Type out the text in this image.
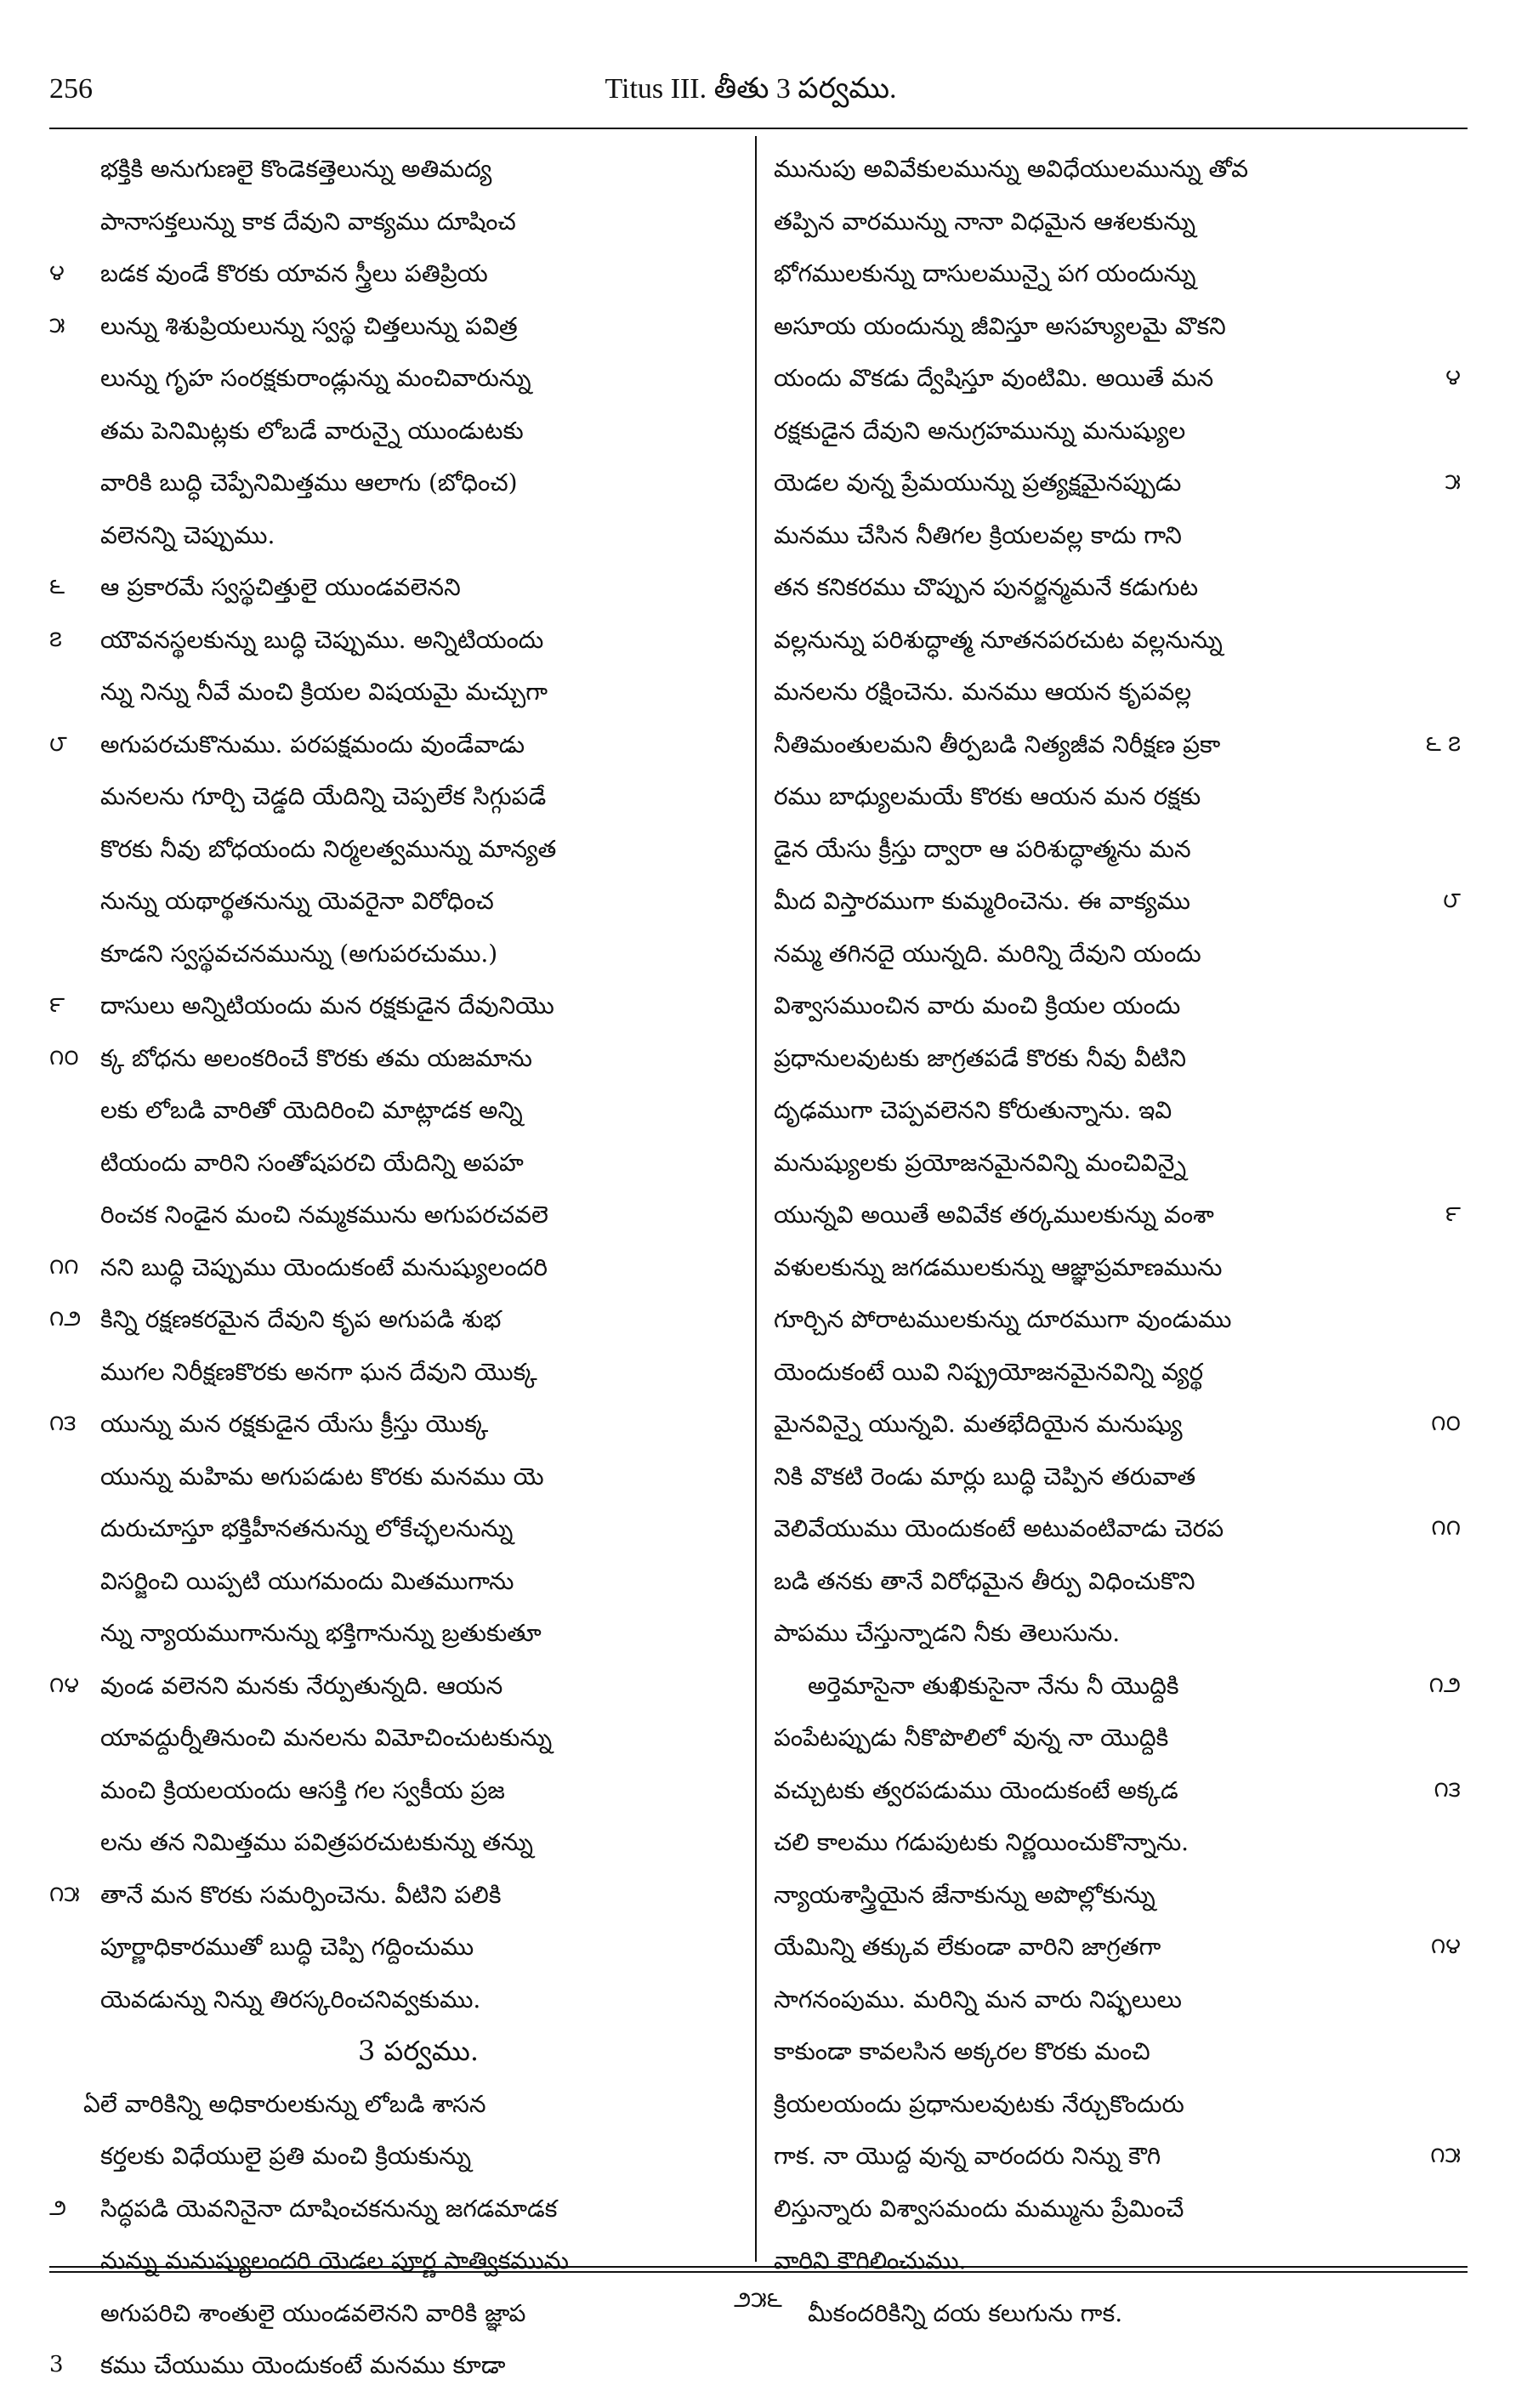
256	Titus III. తీతు 3 పర్వము.
భక్తికి అనుగుణలై కొండెకత్తెలున్ను అతిమద్య
పానాసక్తలున్ను కాక దేవుని వాక్యము దూషించ
౪ బడక వుండే కొరకు యావన స్త్రీలు పతిప్రియ
౫ లున్ను శిశుప్రియలున్ను స్వస్థ చిత్తలున్ను పవిత్ర
లున్ను గృహ సంరక్షకురాండ్లున్ను మంచివారున్ను
తమ పెనిమిట్లకు లోబడే వారున్నై యుండుటకు
వారికి బుద్ధి చెప్పేనిమిత్తము ఆలాగు (బోధించ)
వలెనన్ని చెప్పుము.
౬ ఆ ప్రకారమే స్వస్థచిత్తులై యుండవలెనని
౭ యౌవనస్థలకున్ను బుద్ధి చెప్పుము. అన్నిటియందు
న్ను నిన్ను నీవే మంచి క్రియల విషయమై మచ్చుగా
౮ అగుపరచుకొనుము. పరపక్షమందు వుండేవాడు
మనలను గూర్చి చెడ్డది యేదిన్ని చెప్పలేక సిగ్గుపడే
కొరకు నీవు బోధయందు నిర్మలత్వమున్ను మాన్యత
నున్ను యథార్థతనున్ను యెవరైనా విరోధించ
కూడని స్వస్థవచనమున్ను (అగుపరచుము.)
౯ దాసులు అన్నిటియందు మన రక్షకుడైన దేవునియొ
౧౦ క్క బోధను అలంకరించే కొరకు తమ యజమాను
లకు లోబడి వారితో యెదిరించి మాట్లాడక అన్ని
టియందు వారిని సంతోషపరచి యేదిన్ని అపహ
రించక నిండైన మంచి నమ్మకమును అగుపరచవలె
౧౧ నని బుద్ధి చెప్పుము యెందుకంటే మనుష్యులందరి
౧౨ కిన్ని రక్షణకరమైన దేవుని కృప అగుపడి శుభ
ముగల నిరీక్షణకొరకు అనగా ఘన దేవుని యొక్క
౧౩ యున్ను మన రక్షకుడైన యేసు క్రీస్తు యొక్క
యున్ను మహిమ అగుపడుట కొరకు మనము యె
దురుచూస్తూ భక్తిహీనతనున్ను లోకేచ్ఛలనున్ను
విసర్జించి యిప్పటి యుగమందు మితముగాను
న్ను న్యాయముగానున్ను భక్తిగానున్ను బ్రతుకుతూ
౧౪ వుండ వలెనని మనకు నేర్పుతున్నది. ఆయన
యావద్దుర్నీతినుంచి మనలను విమోచించుటకున్ను
మంచి క్రియలయందు ఆసక్తి గల స్వకీయ ప్రజ
లను తన నిమిత్తము పవిత్రపరచుటకున్ను తన్ను
౧౫ తానే మన కొరకు సమర్పించెను. వీటిని పలికి
పూర్ణాధికారముతో బుద్ధి చెప్పి గద్దించుము
యెవడున్ను నిన్ను తిరస్కరించనివ్వకుము.
3 పర్వము.
ఏలే వారికిన్ని అధికారులకున్ను లోబడి శాసన
కర్తలకు విధేయులై ప్రతి మంచి క్రియకున్ను
౨ సిద్ధపడి యెవనినైనా దూషించకనున్ను జగడమాడక
నున్ను మనుష్యులందరి యెడల పూర్ణ సాత్వికమును
అగుపరిచి శాంతులై యుండవలెనని వారికి జ్ఞాప
3 కము చేయుము యెందుకంటే మనము కూడా
మునుపు అవివేకులమున్ను అవిధేయులమున్ను తోవ
తప్పిన వారమున్ను నానా విధమైన ఆశలకున్ను
భోగములకున్ను దాసులమున్నై పగ యందున్ను
అసూయ యందున్ను జీవిస్తూ అసహ్యులమై వొకని
౪
యందు వొకడు ద్వేషిస్తూ వుంటిమి. అయితే మన
రక్షకుడైన దేవుని అనుగ్రహమున్ను మనుష్యుల
౫
యెడల వున్న ప్రేమయున్ను ప్రత్యక్షమైనప్పుడు
మనము చేసిన నీతిగల క్రియలవల్ల కాదు గాని
తన కనికరము చొప్పున పునర్జన్మమనే కడుగుట
వల్లనున్ను పరిశుద్ధాత్మ నూతనపరచుట వల్లనున్ను
మనలను రక్షించెను. మనము ఆయన కృపవల్ల
౬ ౭
నీతిమంతులమని తీర్పబడి నిత్యజీవ నిరీక్షణ ప్రకా
రము బాధ్యులమయే కొరకు ఆయన మన రక్షకు
డైన యేసు క్రీస్తు ద్వారా ఆ పరిశుద్ధాత్మను మన
౮
మీద విస్తారముగా కుమ్మరించెను. ఈ వాక్యము
నమ్మ తగినదై యున్నది. మరిన్ని దేవుని యందు
విశ్వాసముంచిన వారు మంచి క్రియల యందు
ప్రధానులవుటకు జాగ్రతపడే కొరకు నీవు వీటిని
దృఢముగా చెప్పవలెనని కోరుతున్నాను. ఇవి
మనుష్యులకు ప్రయోజనమైనవిన్ని మంచివిన్నై
౯
యున్నవి అయితే అవివేక తర్కములకున్ను వంశా
వళులకున్ను జగడములకున్ను ఆజ్ఞాప్రమాణమును
గూర్చిన పోరాటములకున్ను దూరముగా వుండుము
యెందుకంటే యివి నిష్ప్రయోజనమైనవిన్ని వ్యర్థ
౧౦
మైనవిన్నై యున్నవి. మతభేదియైన మనుష్యు
నికి వొకటి రెండు మార్లు బుద్ధి చెప్పిన తరువాత
౧౧
వెలివేయుము యెందుకంటే అటువంటివాడు చెరప
బడి తనకు తానే విరోధమైన తీర్పు విధించుకొని
పాపము చేస్తున్నాడని నీకు తెలుసును.
౧౨
అర్తెమాసైనా తుఖికుసైనా నేను నీ యొద్దికి
పంపేటప్పుడు నీకొపొలిలో వున్న నా యొద్దికి
౧౩
వచ్చుటకు త్వరపడుము యెందుకంటే అక్కడ
చలి కాలము గడుపుటకు నిర్ణయించుకొన్నాను.
న్యాయశాస్త్రియైన జేనాకున్ను అపొల్లోకున్ను
౧౪
యేమిన్ని తక్కువ లేకుండా వారిని జాగ్రతగా
సాగనంపుము. మరిన్ని మన వారు నిష్ఫలులు
కాకుండా కావలసిన అక్కరల కొరకు మంచి
క్రియలయందు ప్రధానులవుటకు నేర్చుకొందురు
౧౫
గాక. నా యొద్ద వున్న వారందరు నిన్ను కౌగి
లిస్తున్నారు విశ్వాసమందు మమ్మును ప్రేమించే
వారిని కౌగిలించుము.
మీకందరికిన్ని దయ కలుగును గాక.
౨౫౬
